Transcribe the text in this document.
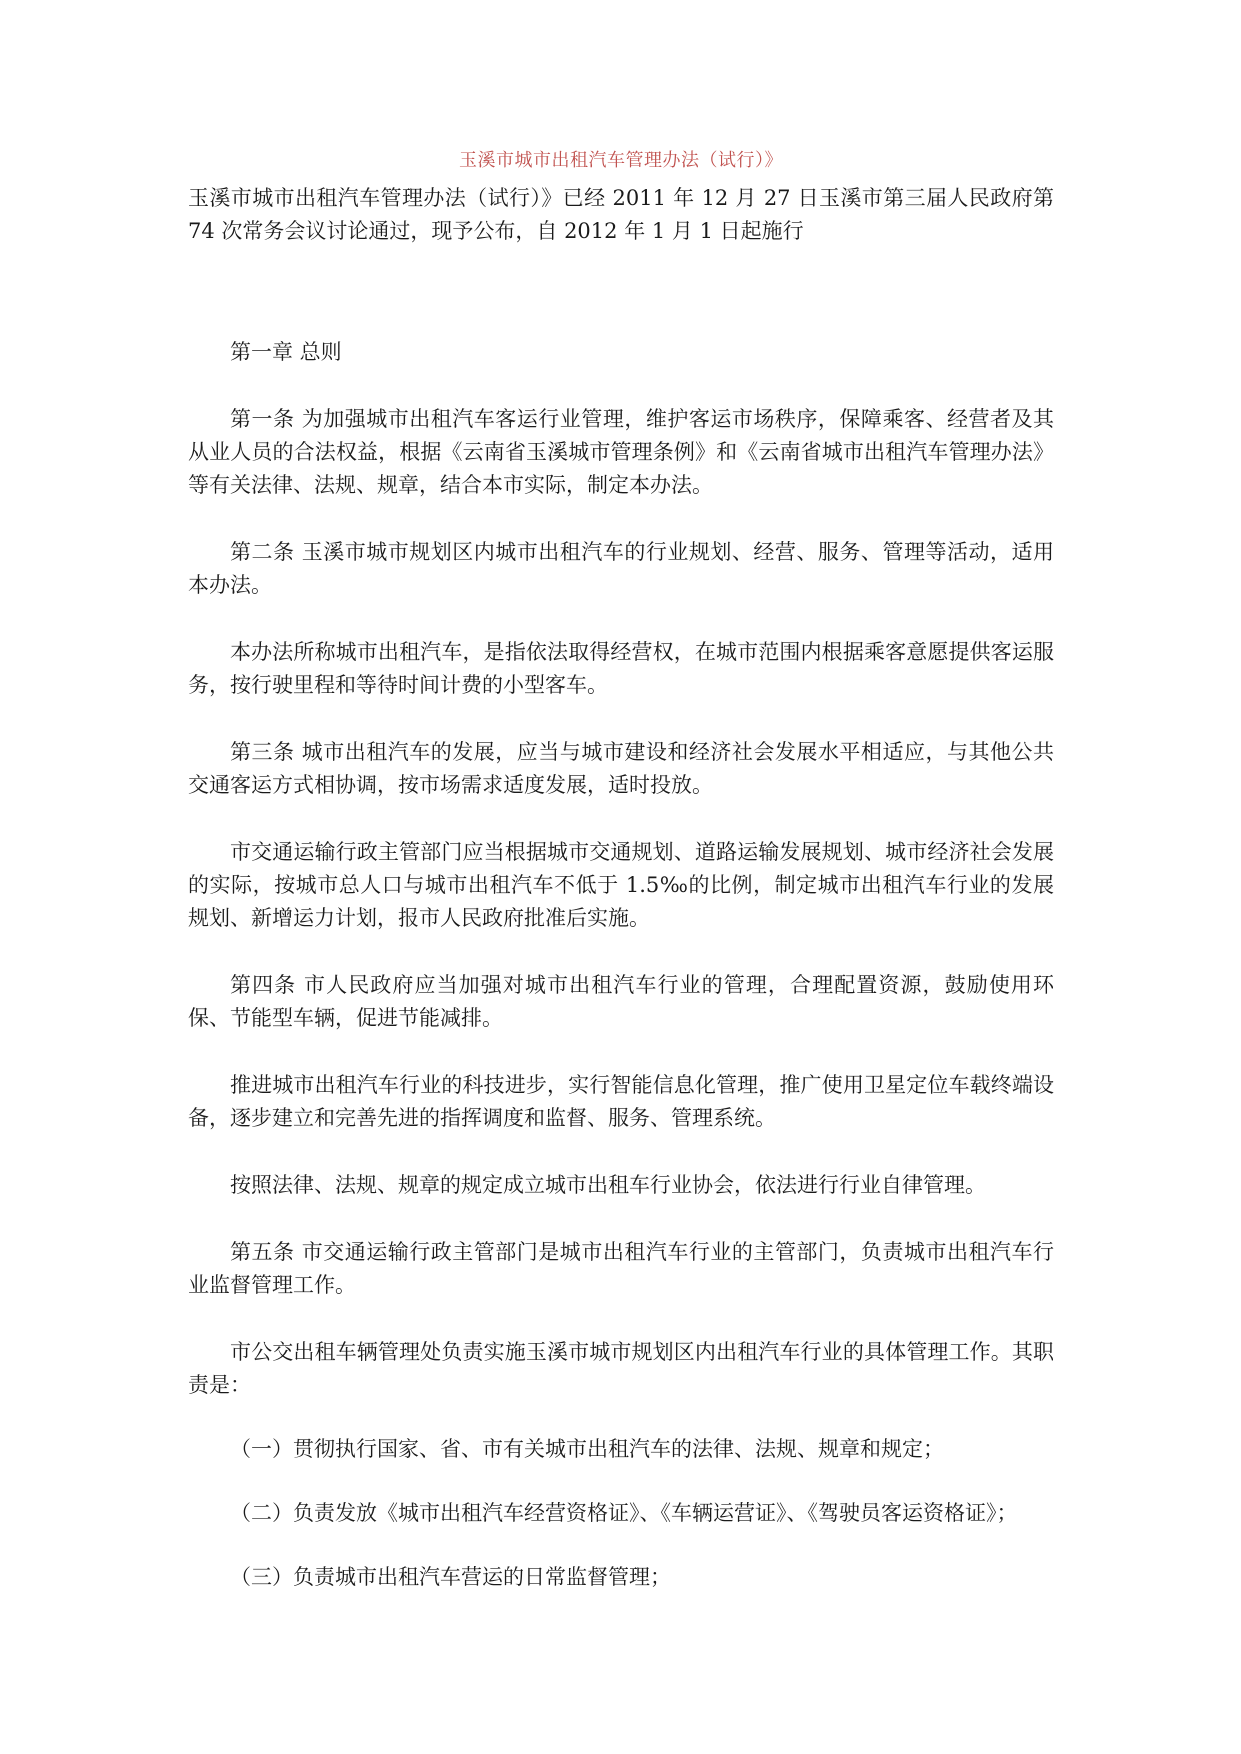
玉溪市城市出租汽车管理办法（试行）》

玉溪市城市出租汽车管理办法（试行）》已经 2011 年 12 月 27 日玉溪市第三届人民政府第 74 次常务会议讨论通过，现予公布，自 2012 年 1 月 1 日起施行

第一章 总则

第一条 为加强城市出租汽车客运行业管理，维护客运市场秩序，保障乘客、经营者及其从业人员的合法权益，根据《云南省玉溪城市管理条例》和《云南省城市出租汽车管理办法》等有关法律、法规、规章，结合本市实际，制定本办法。

第二条 玉溪市城市规划区内城市出租汽车的行业规划、经营、服务、管理等活动，适用本办法。

本办法所称城市出租汽车，是指依法取得经营权，在城市范围内根据乘客意愿提供客运服务，按行驶里程和等待时间计费的小型客车。

第三条 城市出租汽车的发展，应当与城市建设和经济社会发展水平相适应，与其他公共交通客运方式相协调，按市场需求适度发展，适时投放。

市交通运输行政主管部门应当根据城市交通规划、道路运输发展规划、城市经济社会发展的实际，按城市总人口与城市出租汽车不低于 1.5‰的比例，制定城市出租汽车行业的发展规划、新增运力计划，报市人民政府批准后实施。

第四条 市人民政府应当加强对城市出租汽车行业的管理，合理配置资源，鼓励使用环保、节能型车辆，促进节能减排。

推进城市出租汽车行业的科技进步，实行智能信息化管理，推广使用卫星定位车载终端设备，逐步建立和完善先进的指挥调度和监督、服务、管理系统。

按照法律、法规、规章的规定成立城市出租车行业协会，依法进行行业自律管理。

第五条 市交通运输行政主管部门是城市出租汽车行业的主管部门，负责城市出租汽车行业监督管理工作。

市公交出租车辆管理处负责实施玉溪市城市规划区内出租汽车行业的具体管理工作。其职责是：

（一）贯彻执行国家、省、市有关城市出租汽车的法律、法规、规章和规定；

（二）负责发放《城市出租汽车经营资格证》、《车辆运营证》、《驾驶员客运资格证》；

（三）负责城市出租汽车营运的日常监督管理；
